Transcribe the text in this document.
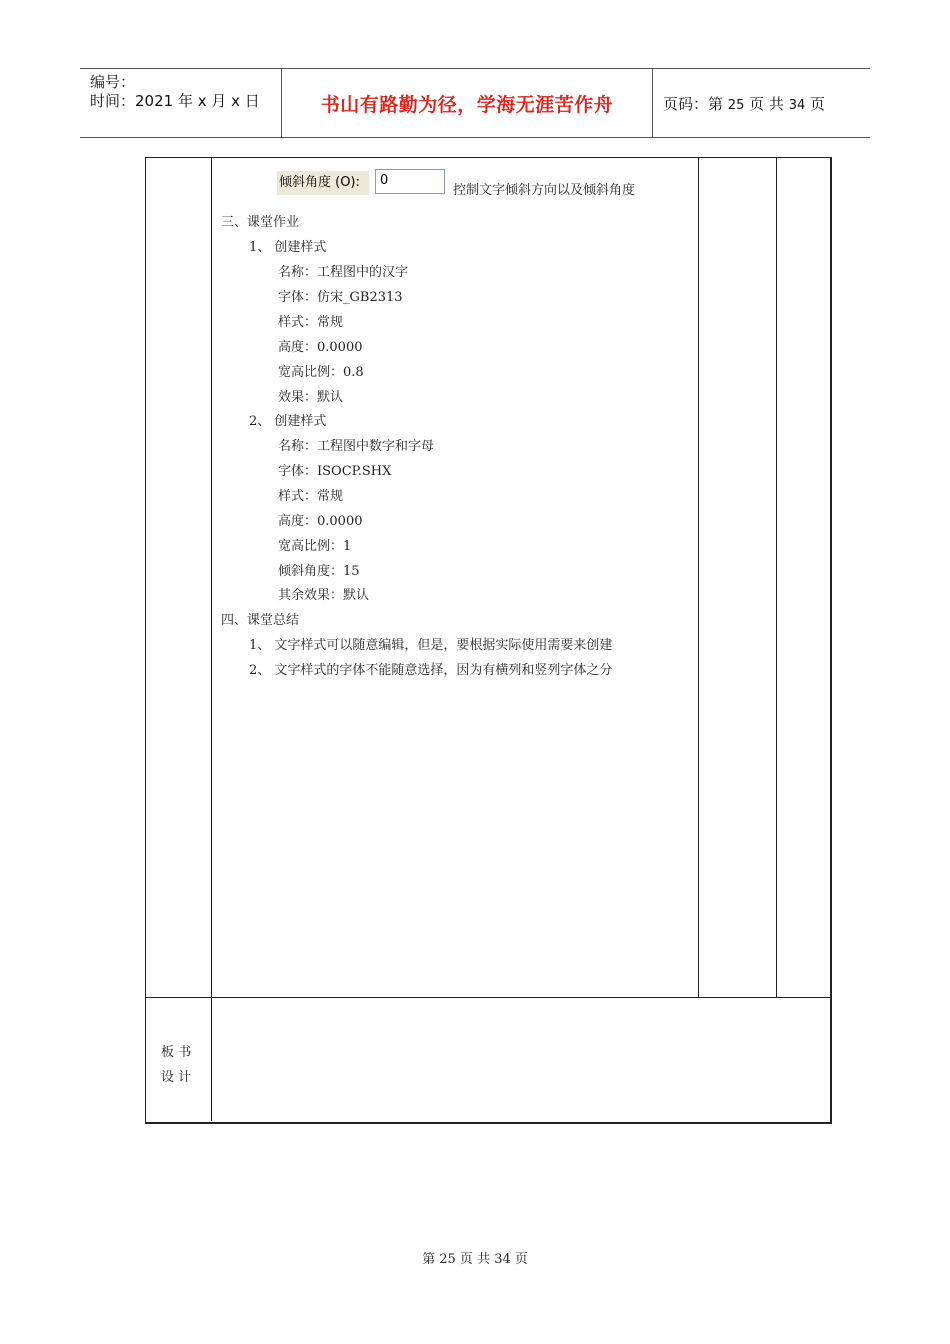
编号：
时间：2021 年 x 月 x 日	书山有路勤为径，学海无涯苦作舟	页码：第 25 页 共 34 页
倾斜角度 (O):	0
控制文字倾斜方向以及倾斜角度
三、课堂作业
1、 创建样式
名称：工程图中的汉字
字体：仿宋_GB2313
样式：常规
高度：0.0000
宽高比例：0.8
效果：默认
2、 创建样式
名称：工程图中数字和字母
字体：ISOCP.SHX
样式：常规
高度：0.0000
宽高比例：1
倾斜角度：15
其余效果：默认
四、课堂总结
1、 文字样式可以随意编辑，但是，要根据实际使用需要来创建
2、 文字样式的字体不能随意选择，因为有横列和竖列字体之分
板 书
设 计
第 25 页 共 34 页
